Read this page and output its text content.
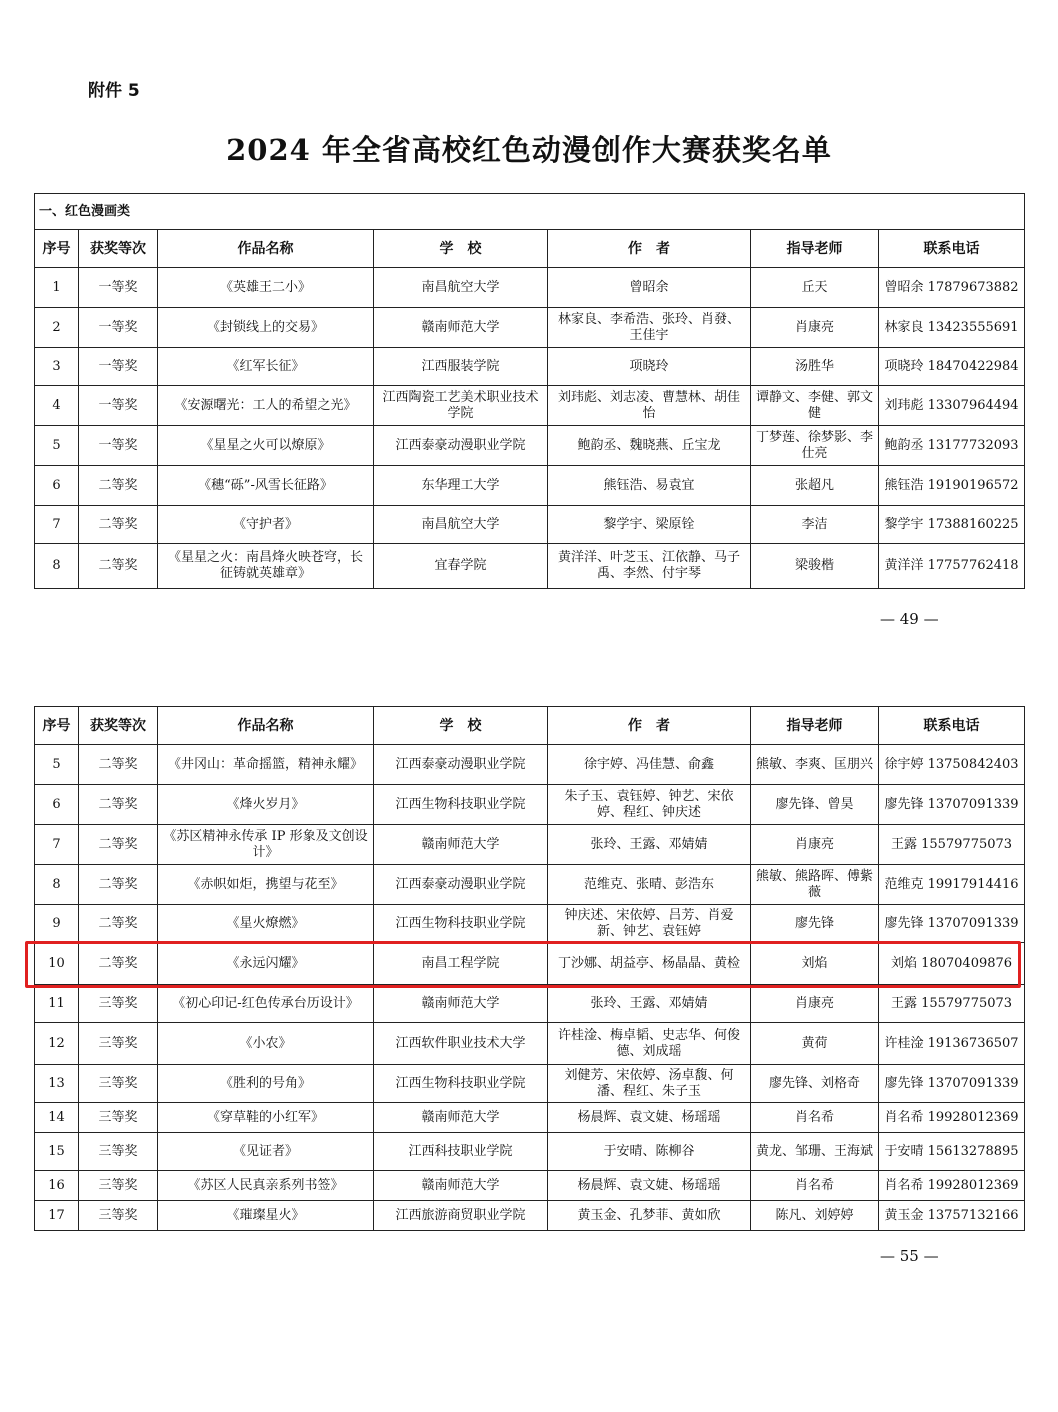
附件 5
2024 年全省高校红色动漫创作大赛获奖名单
一、红色漫画类						
序号	获奖等次	作品名称	学　校	作　者	指导老师	联系电话
1	一等奖	《英雄王二小》	南昌航空大学	曾昭余	丘天	曾昭余 17879673882
2	一等奖	《封锁线上的交易》	赣南师范大学	林家良、李希浩、张玲、肖發、王佳宇	肖康亮	林家良 13423555691
3	一等奖	《红军长征》	江西服装学院	项晓玲	汤胜华	项晓玲 18470422984
4	一等奖	《安源曙光：工人的希望之光》	江西陶瓷工艺美术职业技术学院	刘玮彪、刘志凌、曹慧林、胡佳怡	谭静文、李健、郭文健	刘玮彪 13307964494
5	一等奖	《星星之火可以燎原》	江西泰豪动漫职业学院	鲍韵丞、魏晓燕、丘宝龙	丁梦莲、徐梦影、李仕亮	鲍韵丞 13177732093
6	二等奖	《穗“砾”-风雪长征路》	东华理工大学	熊钰浩、易袁宜	张超凡	熊钰浩 19190196572
7	二等奖	《守护者》	南昌航空大学	黎学宇、梁原铨	李洁	黎学宇 17388160225
8	二等奖	《星星之火：南昌烽火映苍穹，长征铸就英雄章》	宜春学院	黄洋洋、叶芝玉、江依静、马子禹、李然、付宇琴	梁骏楷	黄洋洋 17757762418
— 49 —
序号	获奖等次	作品名称	学　校	作　者	指导老师	联系电话
5	二等奖	《井冈山：革命摇篮，精神永耀》	江西泰豪动漫职业学院	徐宇婷、冯佳慧、俞鑫	熊敏、李爽、匡朋兴	徐宇婷 13750842403
6	二等奖	《烽火岁月》	江西生物科技职业学院	朱子玉、袁钰婷、钟艺、宋依婷、程红、钟庆述	廖先锋、曾昊	廖先锋 13707091339
7	二等奖	《苏区精神永传承 IP 形象及文创设计》	赣南师范大学	张玲、王露、邓婧婧	肖康亮	王露 15579775073
8	二等奖	《赤帜如炬，携望与花至》	江西泰豪动漫职业学院	范维克、张晴、彭浩东	熊敏、熊路晖、傅紫薇	范维克 19917914416
9	二等奖	《星火燎燃》	江西生物科技职业学院	钟庆述、宋依婷、吕芳、肖爱新、钟艺、袁钰婷	廖先锋	廖先锋 13707091339
10	二等奖	《永远闪耀》	南昌工程学院	丁沙娜、胡益亭、杨晶晶、黄检	刘焰	刘焰 18070409876
11	三等奖	《初心印记-红色传承台历设计》	赣南师范大学	张玲、王露、邓婧婧	肖康亮	王露 15579775073
12	三等奖	《小农》	江西软件职业技术大学	许桂淦、梅卓韬、史志华、何俊德、刘成瑶	黄荷	许桂淦 19136736507
13	三等奖	《胜利的号角》	江西生物科技职业学院	刘健芳、宋依婷、汤卓馥、何潘、程红、朱子玉	廖先锋、刘格奇	廖先锋 13707091339
14	三等奖	《穿草鞋的小红军》	赣南师范大学	杨晨辉、袁文婕、杨瑶瑶	肖名希	肖名希 19928012369
15	三等奖	《见证者》	江西科技职业学院	于安晴、陈柳谷	黄龙、邹珊、王海斌	于安晴 15613278895
16	三等奖	《苏区人民真亲系列书签》	赣南师范大学	杨晨辉、袁文婕、杨瑶瑶	肖名希	肖名希 19928012369
17	三等奖	《璀璨星火》	江西旅游商贸职业学院	黄玉金、孔梦菲、黄如欣	陈凡、刘婷婷	黄玉金 13757132166
— 55 —
